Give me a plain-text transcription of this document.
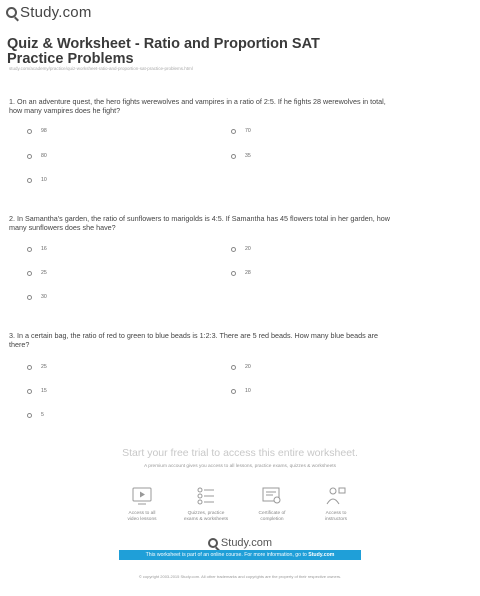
Study.com
Quiz & Worksheet - Ratio and Proportion SAT Practice Problems
study.com/academy/practice/quiz-worksheet-ratio-and-proportion-sat-practice-problems.html
1. On an adventure quest, the hero fights werewolves and vampires in a ratio of 2:5. If he fights 28 werewolves in total, how many vampires does he fight?
98	70
80	35
10
2. In Samantha's garden, the ratio of sunflowers to marigolds is 4:5. If Samantha has 45 flowers total in her garden, how many sunflowers does she have?
16	20
25	28
30
3. In a certain bag, the ratio of red to green to blue beads is 1:2:3. There are 5 red beads. How many blue beads are there?
25	20
15	10
5
Start your free trial to access this entire worksheet.
A premium account gives you access to all lessons, practice exams, quizzes & worksheets
Access to all
video lessons
Quizzes, practice
exams & worksheets
Certificate of
completion
Access to
instructors
Study.com
This worksheet is part of an online course. For more information, go to Study.com
© copyright 2003-2015 Study.com. All other trademarks and copyrights are the property of their respective owners.
